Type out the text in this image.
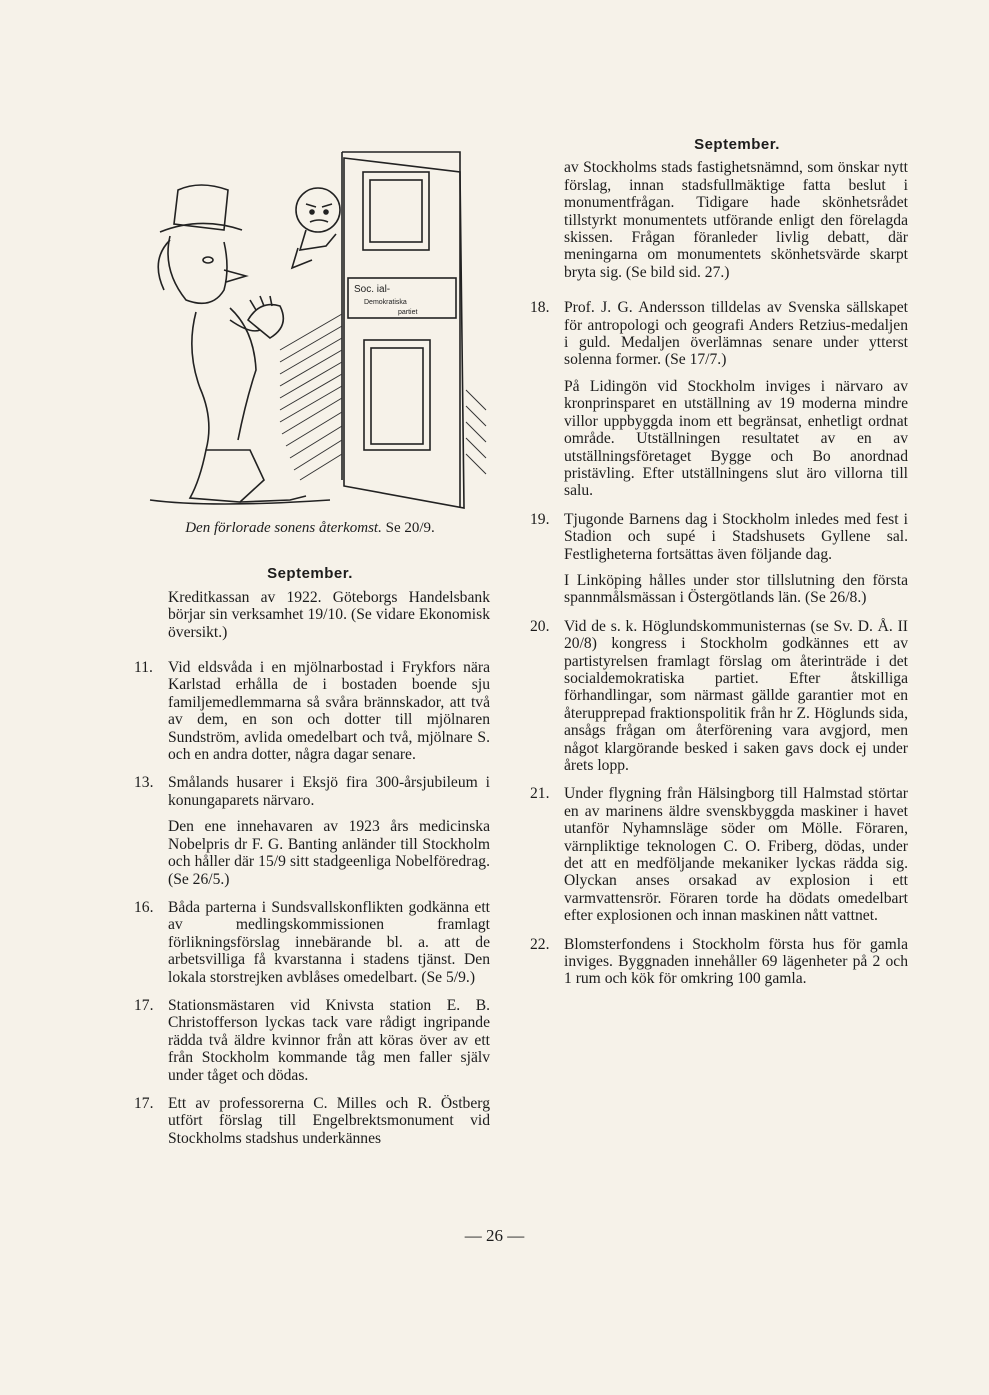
Soc. ial-
Demokratiska
partiet
Den förlorade sonens återkomst. Se 20/9.
September.

Kreditkassan av 1922. Göteborgs Handelsbank börjar sin verksamhet 19/10. (Se vidare Ekonomisk översikt.)

11. Vid eldsvåda i en mjölnarbostad i Frykfors nära Karlstad erhålla de i bostaden boende sju familjemedlemmarna så svåra brännskador, att två av dem, en son och dotter till mjölnaren Sundström, avlida omedelbart och två, mjölnare S. och en andra dotter, några dagar senare.

13. Smålands husarer i Eksjö fira 300-årsjubileum i konungaparets närvaro.

Den ene innehavaren av 1923 års medicinska Nobelpris dr F. G. Banting anländer till Stockholm och håller där 15/9 sitt stadgeenliga Nobelföredrag. (Se 26/5.)

16. Båda parterna i Sundsvallskonflikten godkänna ett av medlingskommissionen framlagt förlikningsförslag innebärande bl. a. att de arbetsvilliga få kvarstanna i stadens tjänst. Den lokala storstrejken avblåses omedelbart. (Se 5/9.)

17. Stationsmästaren vid Knivsta station E. B. Christofferson lyckas tack vare rådigt ingripande rädda två äldre kvinnor från att köras över av ett från Stockholm kommande tåg men faller själv under tåget och dödas.

17. Ett av professorerna C. Milles och R. Östberg utfört förslag till Engelbrektsmonument vid Stockholms stadshus underkännes

September.

av Stockholms stads fastighetsnämnd, som önskar nytt förslag, innan stadsfullmäktige fatta beslut i monumentfrågan. Tidigare hade skönhetsrådet tillstyrkt monumentets utförande enligt den förelagda skissen. Frågan föranleder livlig debatt, där meningarna om monumentets skönhetsvärde skarpt bryta sig. (Se bild sid. 27.)

18. Prof. J. G. Andersson tilldelas av Svenska sällskapet för antropologi och geografi Anders Retzius-medaljen i guld. Medaljen överlämnas senare under ytterst solenna former. (Se 17/7.)

På Lidingön vid Stockholm inviges i närvaro av kronprinsparet en utställning av 19 moderna mindre villor uppbyggda inom ett begränsat, enhetligt ordnat område. Utställningen resultatet av en av utställningsföretaget Bygge och Bo anordnad pristävling. Efter utställningens slut äro villorna till salu.

19. Tjugonde Barnens dag i Stockholm inledes med fest i Stadion och supé i Stadshusets Gyllene sal. Festligheterna fortsättas även följande dag.

I Linköping hålles under stor tillslutning den första spannmålsmässan i Östergötlands län. (Se 26/8.)

20. Vid de s. k. Höglundskommunisternas (se Sv. D. Å. II 20/8) kongress i Stockholm godkännes ett av partistyrelsen framlagt förslag om återinträde i det socialdemokratiska partiet. Efter åtskilliga förhandlingar, som närmast gällde garantier mot en återupprepad fraktionspolitik från hr Z. Höglunds sida, ansågs frågan om återförening vara avgjord, men något klargörande besked i saken gavs dock ej under årets lopp.

21. Under flygning från Hälsingborg till Halmstad störtar en av marinens äldre svenskbyggda maskiner i havet utanför Nyhamnsläge söder om Mölle. Föraren, värnpliktige teknologen C. O. Friberg, dödas, under det att en medföljande mekaniker lyckas rädda sig. Olyckan anses orsakad av explosion i ett varmvattensrör. Föraren torde ha dödats omedelbart efter explosionen och innan maskinen nått vattnet.

22. Blomsterfondens i Stockholm första hus för gamla inviges. Byggnaden innehåller 69 lägenheter på 2 och 1 rum och kök för omkring 100 gamla.

— 26 —
